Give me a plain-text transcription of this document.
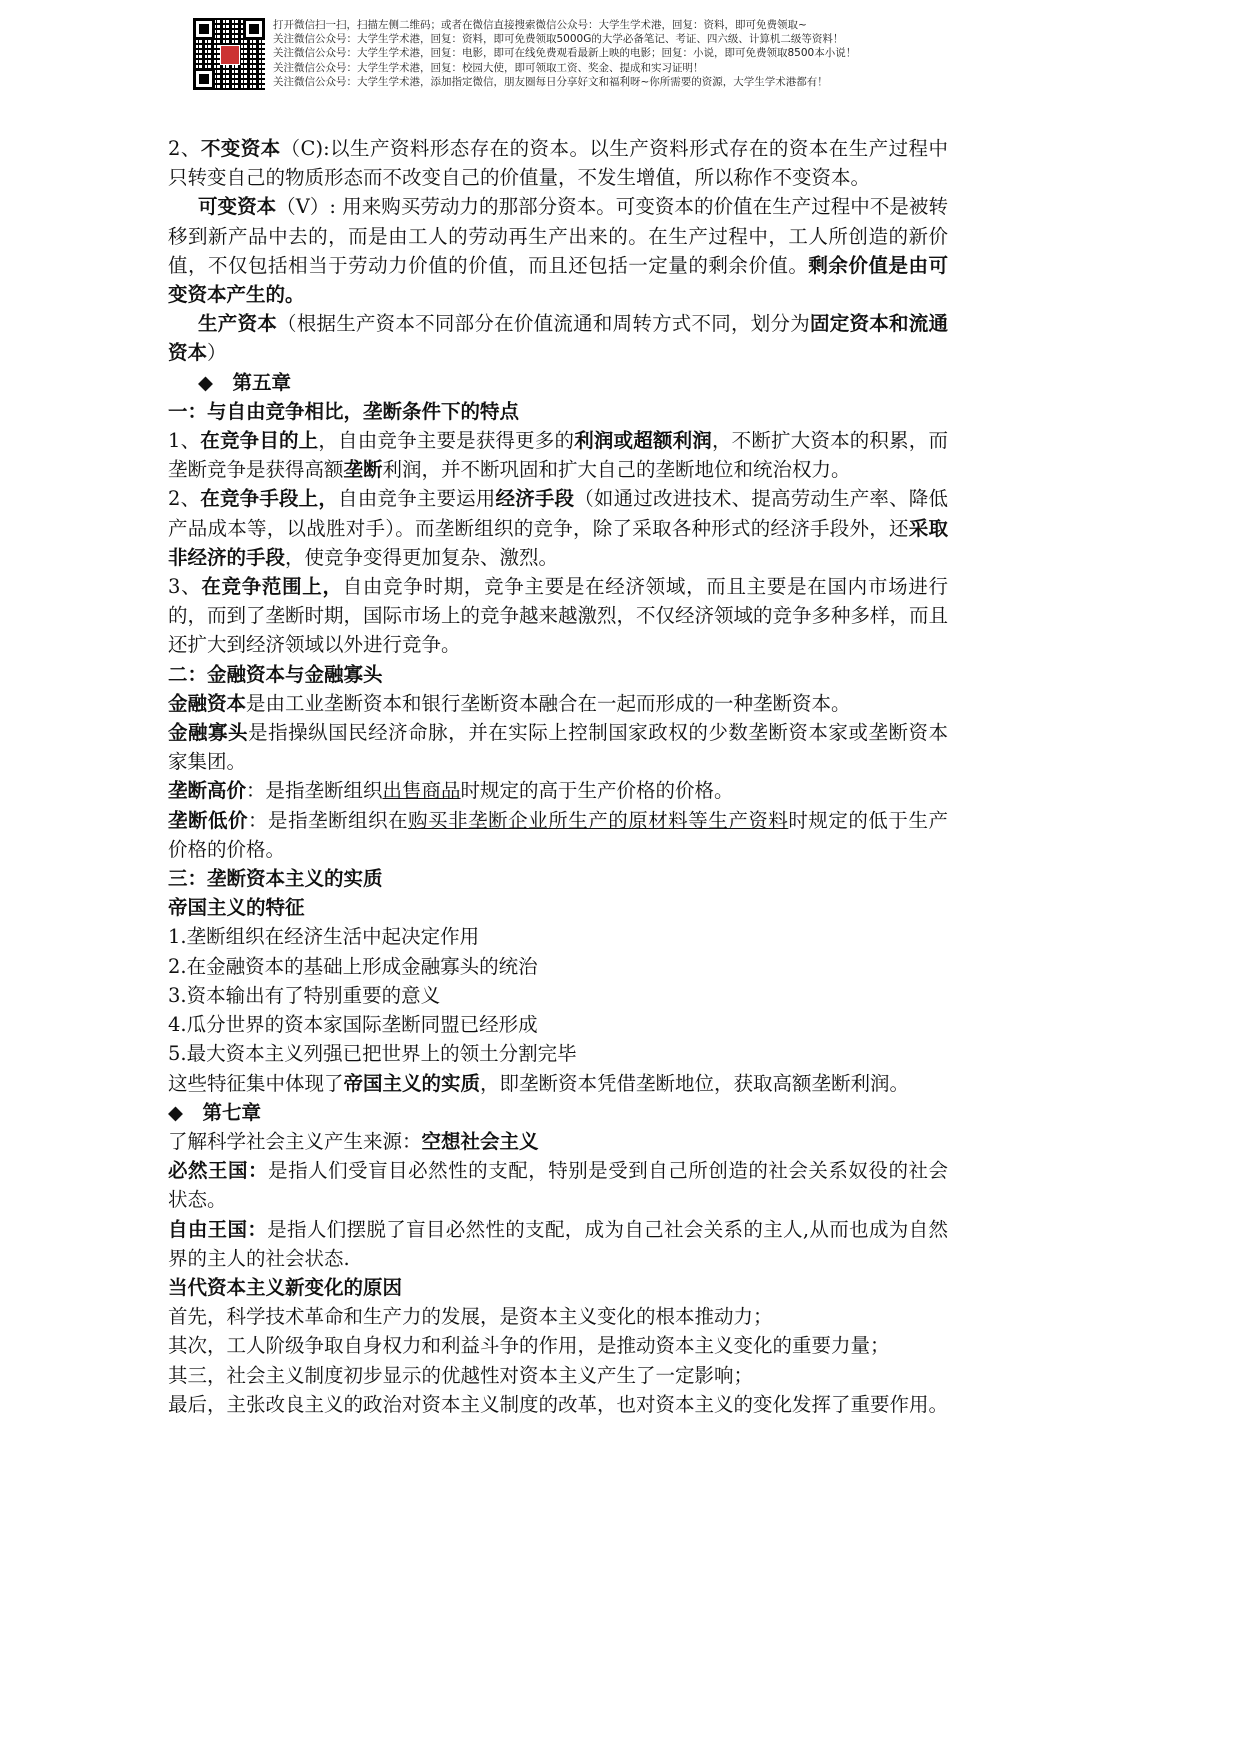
打开微信扫一扫，扫描左侧二维码；或者在微信直接搜索微信公众号：大学生学术港，回复：资料，即可免费领取~
关注微信公众号：大学生学术港，回复：资料，即可免费领取5000G的大学必备笔记、考证、四六级、计算机二级等资料！
关注微信公众号：大学生学术港，回复：电影，即可在线免费观看最新上映的电影；回复：小说，即可免费领取8500本小说！
关注微信公众号：大学生学术港，回复：校园大使，即可领取工资、奖金、提成和实习证明！
关注微信公众号：大学生学术港，添加指定微信，朋友圈每日分享好文和福利呀~你所需要的资源，大学生学术港都有！

2、不变资本（C):以生产资料形态存在的资本。以生产资料形式存在的资本在生产过程中只转变自己的物质形态而不改变自己的价值量，不发生增值，所以称作不变资本。

可变资本（V）: 用来购买劳动力的那部分资本。可变资本的价值在生产过程中不是被转移到新产品中去的，而是由工人的劳动再生产出来的。在生产过程中，工人所创造的新价值，不仅包括相当于劳动力价值的价值，而且还包括一定量的剩余价值。剩余价值是由可变资本产生的。

生产资本（根据生产资本不同部分在价值流通和周转方式不同，划分为固定资本和流通资本）

◆　第五章

一：与自由竞争相比，垄断条件下的特点

1、在竞争目的上，自由竞争主要是获得更多的利润或超额利润，不断扩大资本的积累，而垄断竞争是获得高额垄断利润，并不断巩固和扩大自己的垄断地位和统治权力。

2、在竞争手段上，自由竞争主要运用经济手段（如通过改进技术、提高劳动生产率、降低产品成本等，以战胜对手）。而垄断组织的竞争，除了采取各种形式的经济手段外，还采取非经济的手段，使竞争变得更加复杂、激烈。

3、在竞争范围上，自由竞争时期，竞争主要是在经济领域，而且主要是在国内市场进行的，而到了垄断时期，国际市场上的竞争越来越激烈，不仅经济领域的竞争多种多样，而且还扩大到经济领域以外进行竞争。

二：金融资本与金融寡头

金融资本是由工业垄断资本和银行垄断资本融合在一起而形成的一种垄断资本。

金融寡头是指操纵国民经济命脉，并在实际上控制国家政权的少数垄断资本家或垄断资本家集团。

垄断高价：是指垄断组织出售商品时规定的高于生产价格的价格。

垄断低价：是指垄断组织在购买非垄断企业所生产的原材料等生产资料时规定的低于生产价格的价格。

三：垄断资本主义的实质

帝国主义的特征

1.垄断组织在经济生活中起决定作用

2.在金融资本的基础上形成金融寡头的统治

3.资本输出有了特别重要的意义

4.瓜分世界的资本家国际垄断同盟已经形成

5.最大资本主义列强已把世界上的领土分割完毕

这些特征集中体现了帝国主义的实质，即垄断资本凭借垄断地位，获取高额垄断利润。

◆　第七章

了解科学社会主义产生来源：空想社会主义

必然王国：是指人们受盲目必然性的支配，特别是受到自己所创造的社会关系奴役的社会状态。

自由王国：是指人们摆脱了盲目必然性的支配，成为自己社会关系的主人,从而也成为自然界的主人的社会状态.

当代资本主义新变化的原因

首先，科学技术革命和生产力的发展，是资本主义变化的根本推动力；

其次，工人阶级争取自身权力和利益斗争的作用，是推动资本主义变化的重要力量；

其三，社会主义制度初步显示的优越性对资本主义产生了一定影响；

最后，主张改良主义的政治对资本主义制度的改革，也对资本主义的变化发挥了重要作用。
